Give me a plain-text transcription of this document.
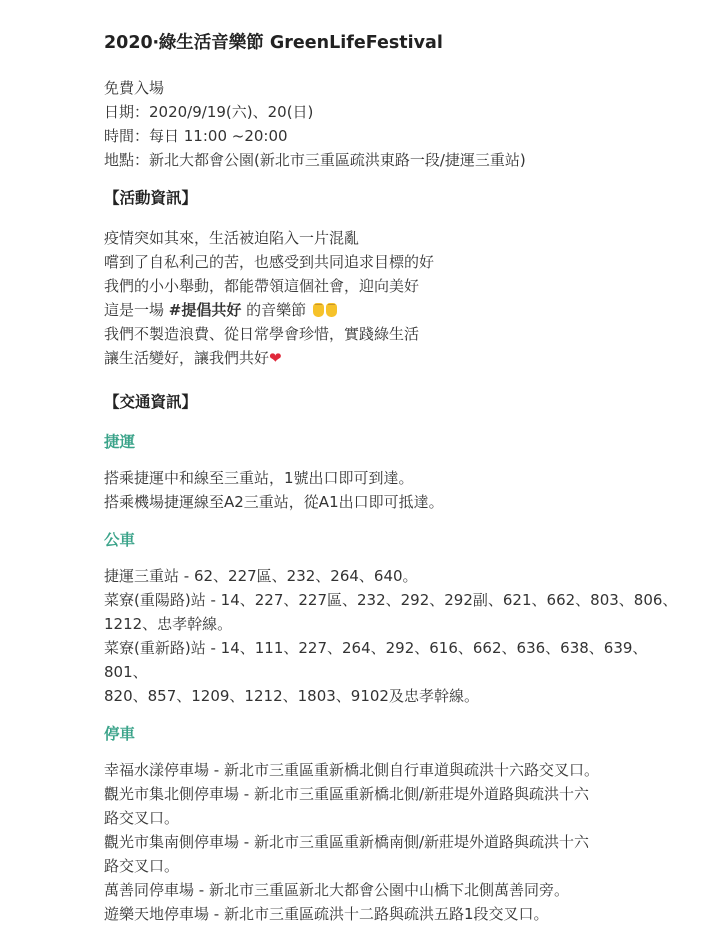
2020‧綠生活音樂節 GreenLifeFestival
免費入場
日期：2020/9/19(六)、20(日)
時間：每日 11:00 ~20:00
地點：新北大都會公園(新北市三重區疏洪東路一段/捷運三重站)
【活動資訊】
疫情突如其來，生活被迫陷入一片混亂
嚐到了自私利己的苦，也感受到共同追求目標的好
我們的小小舉動，都能帶領這個社會，迎向美好
這是一場 #提倡共好 的音樂節
我們不製造浪費、從日常學會珍惜，實踐綠生活
讓生活變好，讓我們共好❤
【交通資訊】
捷運
搭乘捷運中和線至三重站，1號出口即可到達。
搭乘機場捷運線至A2三重站，從A1出口即可抵達。
公車
捷運三重站 - 62、227區、232、264、640。
菜寮(重陽路)站 - 14、227、227區、232、292、292副、621、662、803、806、
1212、忠孝幹線。
菜寮(重新路)站 - 14、111、227、264、292、616、662、636、638、639、801、
820、857、1209、1212、1803、9102及忠孝幹線。
停車
幸福水漾停車場 - 新北市三重區重新橋北側自行車道與疏洪十六路交叉口。
觀光市集北側停車場 - 新北市三重區重新橋北側/新莊堤外道路與疏洪十六
路交叉口。
觀光市集南側停車場 - 新北市三重區重新橋南側/新莊堤外道路與疏洪十六
路交叉口。
萬善同停車場 - 新北市三重區新北大都會公園中山橋下北側萬善同旁。
遊樂天地停車場 - 新北市三重區疏洪十二路與疏洪五路1段交叉口。
